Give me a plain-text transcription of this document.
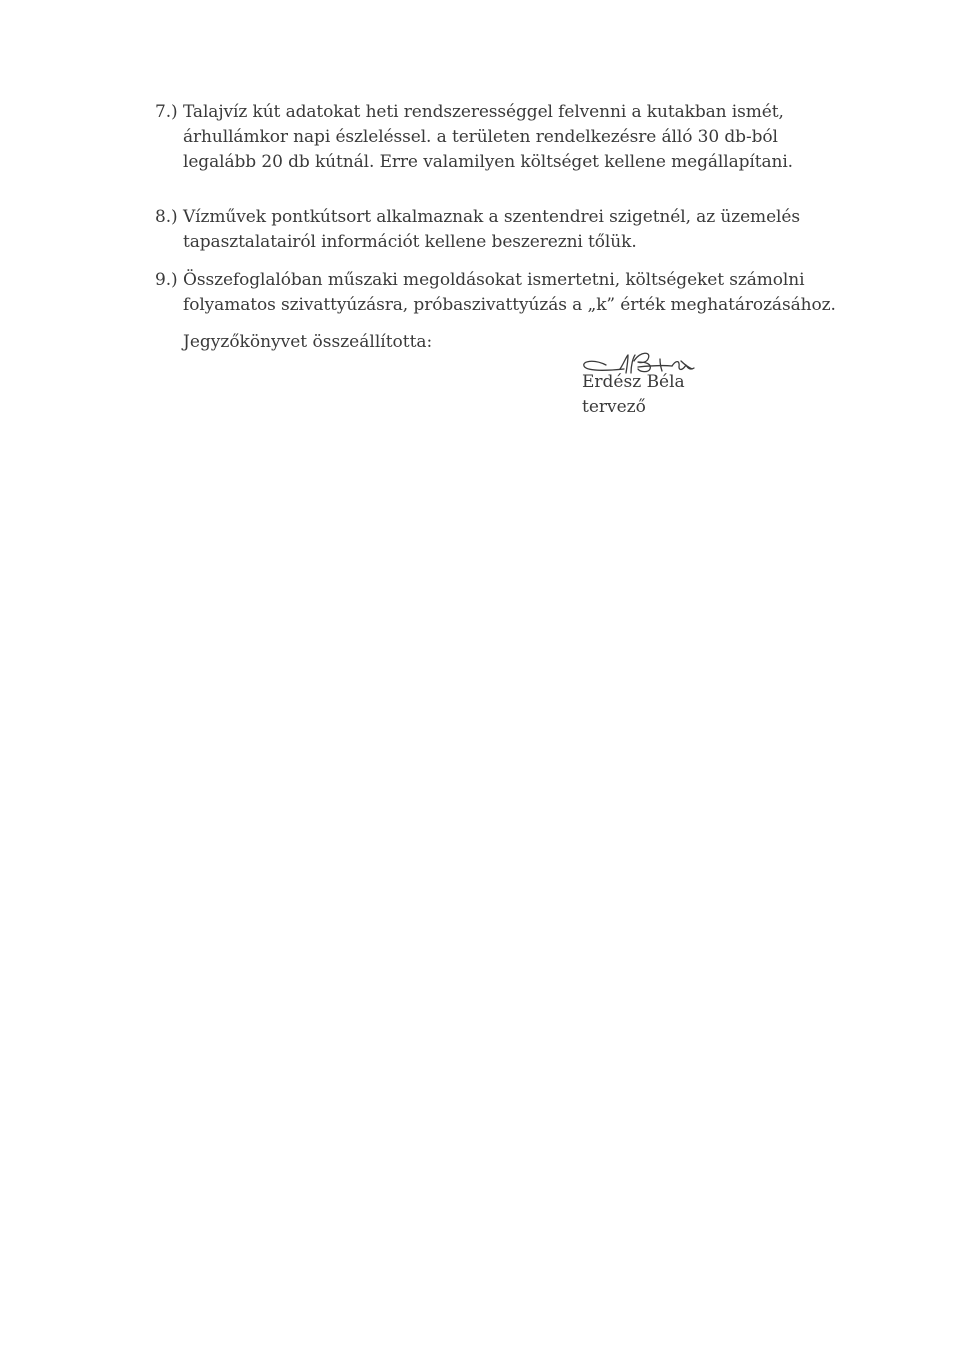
7.) Talajvíz kút adatokat heti rendszerességgel felvenni a kutakban ismét,
árhullámkor napi észleléssel. a területen rendelkezésre álló 30 db-ból
legalább 20 db kútnál. Erre valamilyen költséget kellene megállapítani.
8.) Vízművek pontkútsort alkalmaznak a szentendrei szigetnél, az üzemelés
tapasztalatairól információt kellene beszerezni tőlük.
9.) Összefoglalóban műszaki megoldásokat ismertetni, költségeket számolni
folyamatos szivattyúzásra, próbaszivattyúzás a „k” érték meghatározásához.
Jegyzőkönyvet összeállította:
Erdész Béla
tervező
